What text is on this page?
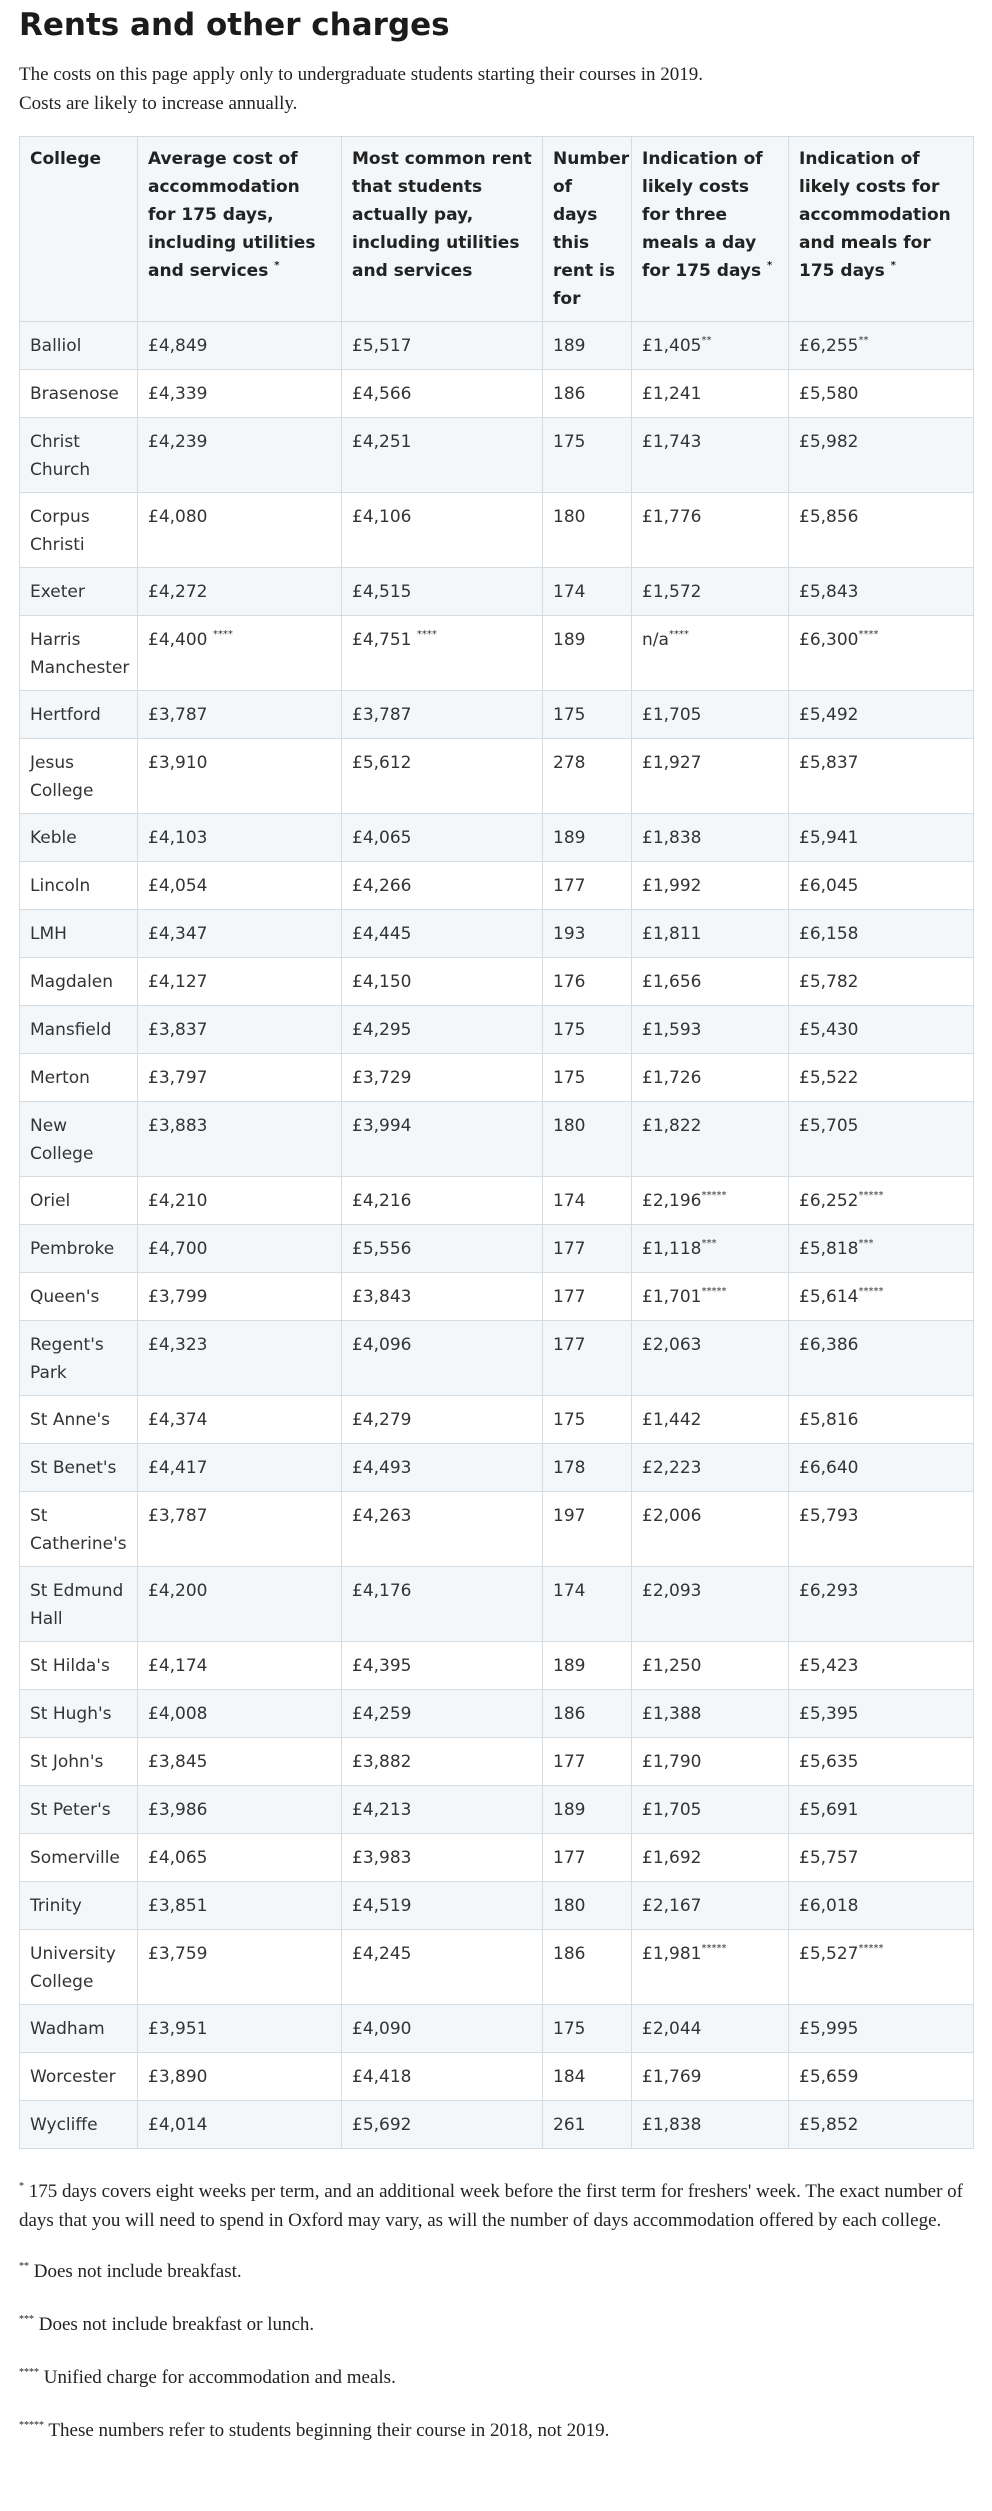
Rents and other charges
The costs on this page apply only to undergraduate students starting their courses in 2019.
Costs are likely to increase annually.
College	Average cost of accommodation for 175 days, including utilities and services *	Most common rent that students actually pay, including utilities and services	Number of days this rent is for	Indication of likely costs for three meals a day for 175 days *	Indication of likely costs for accommodation and meals for 175 days *
Balliol	£4,849	£5,517	189	£1,405**	£6,255**
Brasenose	£4,339	£4,566	186	£1,241	£5,580
Christ Church	£4,239	£4,251	175	£1,743	£5,982
Corpus Christi	£4,080	£4,106	180	£1,776	£5,856
Exeter	£4,272	£4,515	174	£1,572	£5,843
Harris Manchester	£4,400 ****	£4,751 ****	189	n/a****	£6,300****
Hertford	£3,787	£3,787	175	£1,705	£5,492
Jesus College	£3,910	£5,612	278	£1,927	£5,837
Keble	£4,103	£4,065	189	£1,838	£5,941
Lincoln	£4,054	£4,266	177	£1,992	£6,045
LMH	£4,347	£4,445	193	£1,811	£6,158
Magdalen	£4,127	£4,150	176	£1,656	£5,782
Mansfield	£3,837	£4,295	175	£1,593	£5,430
Merton	£3,797	£3,729	175	£1,726	£5,522
New College	£3,883	£3,994	180	£1,822	£5,705
Oriel	£4,210	£4,216	174	£2,196*****	£6,252*****
Pembroke	£4,700	£5,556	177	£1,118***	£5,818***
Queen's	£3,799	£3,843	177	£1,701*****	£5,614*****
Regent's Park	£4,323	£4,096	177	£2,063	£6,386
St Anne's	£4,374	£4,279	175	£1,442	£5,816
St Benet's	£4,417	£4,493	178	£2,223	£6,640
St Catherine's	£3,787	£4,263	197	£2,006	£5,793
St Edmund Hall	£4,200	£4,176	174	£2,093	£6,293
St Hilda's	£4,174	£4,395	189	£1,250	£5,423
St Hugh's	£4,008	£4,259	186	£1,388	£5,395
St John's	£3,845	£3,882	177	£1,790	£5,635
St Peter's	£3,986	£4,213	189	£1,705	£5,691
Somerville	£4,065	£3,983	177	£1,692	£5,757
Trinity	£3,851	£4,519	180	£2,167	£6,018
University College	£3,759	£4,245	186	£1,981*****	£5,527*****
Wadham	£3,951	£4,090	175	£2,044	£5,995
Worcester	£3,890	£4,418	184	£1,769	£5,659
Wycliffe	£4,014	£5,692	261	£1,838	£5,852

* 175 days covers eight weeks per term, and an additional week before the first term for freshers' week. The exact number of days that you will need to spend in Oxford may vary, as will the number of days accommodation offered by each college.

** Does not include breakfast.

*** Does not include breakfast or lunch.

**** Unified charge for accommodation and meals.

***** These numbers refer to students beginning their course in 2018, not 2019.
